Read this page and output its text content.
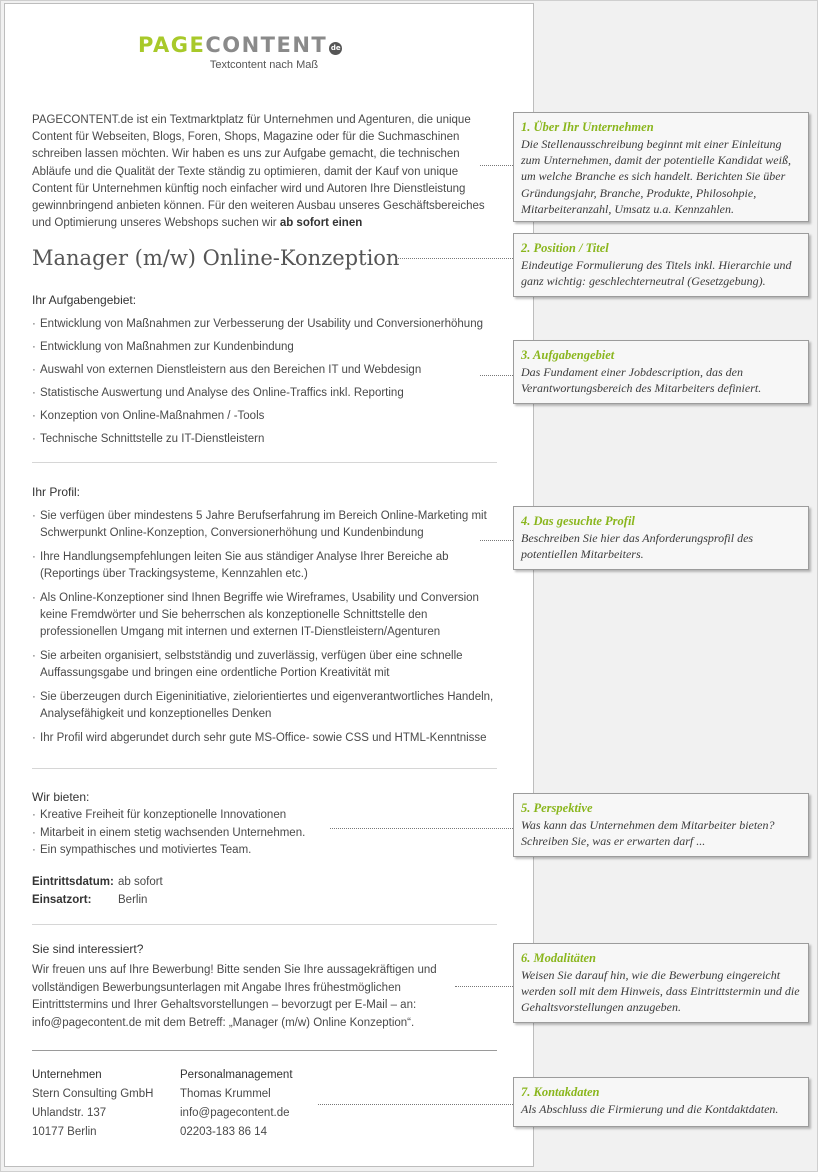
PAGECONTENT de
Textcontent nach Maß
PAGECONTENT.de ist ein Textmarktplatz für Unternehmen und Agenturen, die unique Content für Webseiten, Blogs, Foren, Shops, Magazine oder für die Suchmaschinen schreiben lassen möchten. Wir haben es uns zur Aufgabe gemacht, die technischen Abläufe und die Qualität der Texte ständig zu optimieren, damit der Kauf von unique Content für Unternehmen künftig noch einfacher wird und Autoren Ihre Dienstleistung gewinnbringend anbieten können. Für den weiteren Ausbau unseres Geschäftsbereiches und Optimierung unseres Webshops suchen wir ab sofort einen
Manager (m/w) Online-Konzeption
Ihr Aufgabengebiet:
· Entwicklung von Maßnahmen zur Verbesserung der Usability und Conversionerhöhung
· Entwicklung von Maßnahmen zur Kundenbindung
· Auswahl von externen Dienstleistern aus den Bereichen IT und Webdesign
· Statistische Auswertung und Analyse des Online-Traffics inkl. Reporting
· Konzeption von Online-Maßnahmen / -Tools
· Technische Schnittstelle zu IT-Dienstleistern
Ihr Profil:
· Sie verfügen über mindestens 5 Jahre Berufserfahrung im Bereich Online-Marketing mit Schwerpunkt Online-Konzeption, Conversionerhöhung und Kundenbindung
· Ihre Handlungsempfehlungen leiten Sie aus ständiger Analyse Ihrer Bereiche ab (Reportings über Trackingsysteme, Kennzahlen etc.)
· Als Online-Konzeptioner sind Ihnen Begriffe wie Wireframes, Usability und Conversion keine Fremdwörter und Sie beherrschen als konzeptionelle Schnittstelle den professionellen Umgang mit internen und externen IT-Dienstleistern/Agenturen
· Sie arbeiten organisiert, selbstständig und zuverlässig, verfügen über eine schnelle Auffassungsgabe und bringen eine ordentliche Portion Kreativität mit
· Sie überzeugen durch Eigeninitiative, zielorientiertes und eigenverantwortliches Handeln, Analysefähigkeit und konzeptionelles Denken
· Ihr Profil wird abgerundet durch sehr gute MS-Office- sowie CSS und HTML-Kenntnisse
Wir bieten:
· Kreative Freiheit für konzeptionelle Innovationen
· Mitarbeit in einem stetig wachsenden Unternehmen.
· Ein sympathisches und motiviertes Team.
Eintrittsdatum: ab sofort
Einsatzort: Berlin
Sie sind interessiert?
Wir freuen uns auf Ihre Bewerbung! Bitte senden Sie Ihre aussagekräftigen und vollständigen Bewerbungsunterlagen mit Angabe Ihres frühestmöglichen Eintrittstermins und Ihrer Gehaltsvorstellungen – bevorzugt per E-Mail – an: info@pagecontent.de mit dem Betreff: „Manager (m/w) Online Konzeption“.
Unternehmen
Stern Consulting GmbH
Uhlandstr. 137
10177 Berlin
Personalmanagement
Thomas Krummel
info@pagecontent.de
02203-183 86 14
1. Über Ihr Unternehmen
Die Stellenausschreibung beginnt mit einer Einleitung zum Unternehmen, damit der potentielle Kandidat weiß, um welche Branche es sich handelt. Berichten Sie über Gründungsjahr, Branche, Produkte, Philosohpie, Mitarbeiteranzahl, Umsatz u.a. Kennzahlen.
2. Position / Titel
Eindeutige Formulierung des Titels inkl. Hierarchie und ganz wichtig: geschlechterneutral (Gesetzgebung).
3. Aufgabengebiet
Das Fundament einer Jobdescription, das den Verantwortungsbereich des Mitarbeiters definiert.
4. Das gesuchte Profil
Beschreiben Sie hier das Anforderungsprofil des potentiellen Mitarbeiters.
5. Perspektive
Was kann das Unternehmen dem Mitarbeiter bieten? Schreiben Sie, was er erwarten darf ...
6. Modalitäten
Weisen Sie darauf hin, wie die Bewerbung eingereicht werden soll mit dem Hinweis, dass Eintrittstermin und die Gehaltsvorstellungen anzugeben.
7. Kontakdaten
Als Abschluss die Firmierung und die Kontdaktdaten.
